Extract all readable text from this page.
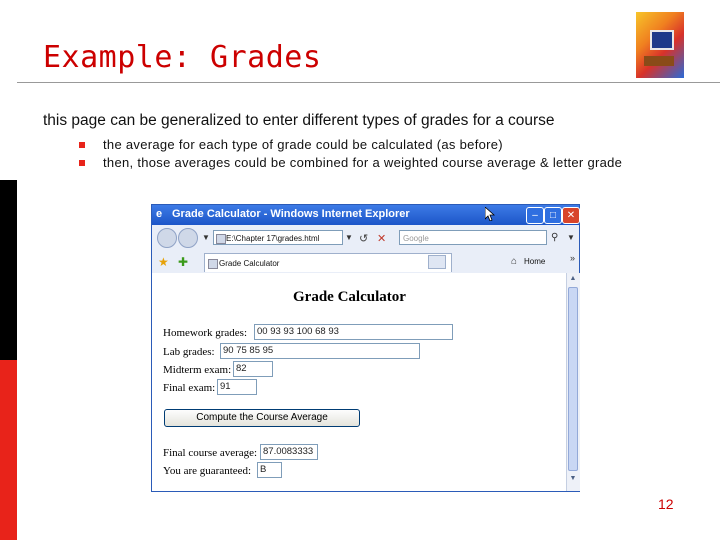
Example: Grades
this page can be generalized to enter different types of grades for a course
the average for each type of grade could be calculated (as before)
then, those averages could be combined for a weighted course average & letter grade
e Grade Calculator - Windows Internet Explorer	–	□	✕
▼	E:\Chapter 17\grades.html	▼ ↺ ✕	Google	⚲ ▼
★ ✚	Grade Calculator	⌂ Home	»
Grade Calculator
Homework grades:	00 93 93 100 68 93
Lab grades: 90 75 85 95
Midterm exam: 82
Final exam: 91
Compute the Course Average
Final course average: 87.0083333
You are guaranteed: B
▲
▼
12
